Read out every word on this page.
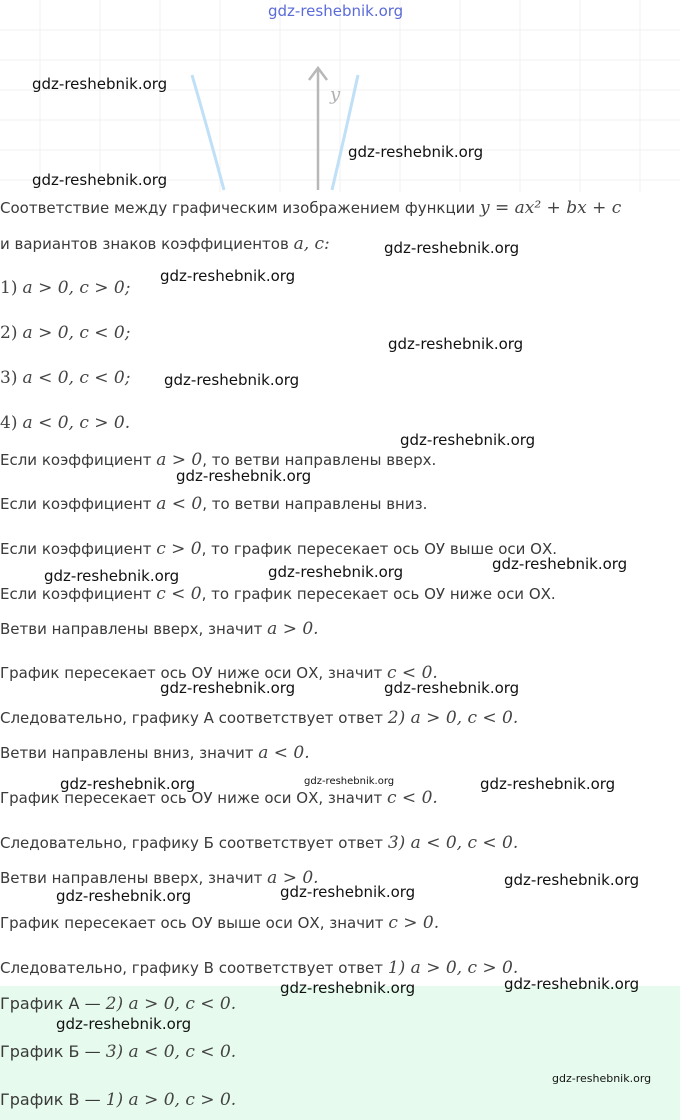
y
gdz-reshebnik.org
Соответствие между графическим изображением функции y = ax² + bx + c
и вариантов знаков коэффициентов a, c:
1) a > 0, c > 0;
2) a > 0, c < 0;
3) a < 0, c < 0;
4) a < 0, c > 0.
Если коэффициент a > 0, то ветви направлены вверх.
Если коэффициент a < 0, то ветви направлены вниз.
Если коэффициент c > 0, то график пересекает ось ОУ выше оси ОХ.
Если коэффициент c < 0, то график пересекает ось ОУ ниже оси ОХ.
Ветви направлены вверх, значит a > 0.
График пересекает ось ОУ ниже оси ОХ, значит c < 0.
Следовательно, графику А соответствует ответ 2) a > 0, c < 0.
Ветви направлены вниз, значит a < 0.
График пересекает ось ОУ ниже оси ОХ, значит c < 0.
Следовательно, графику Б соответствует ответ 3) a < 0, c < 0.
Ветви направлены вверх, значит a > 0.
График пересекает ось ОУ выше оси ОХ, значит c > 0.
Следовательно, графику В соответствует ответ 1) a > 0, c > 0.
График А — 2) a > 0, c < 0.
График Б — 3) a < 0, c < 0.
График В — 1) a > 0, c > 0.
gdz-reshebnik.org
gdz-reshebnik.org
gdz-reshebnik.org
gdz-reshebnik.org
gdz-reshebnik.org
gdz-reshebnik.org
gdz-reshebnik.org
gdz-reshebnik.org
gdz-reshebnik.org
gdz-reshebnik.org
gdz-reshebnik.org
gdz-reshebnik.org
gdz-reshebnik.org	gdz-reshebnik.org
gdz-reshebnik.org	gdz-reshebnik.org	gdz-reshebnik.org
gdz-reshebnik.org
gdz-reshebnik.org
gdz-reshebnik.org
gdz-reshebnik.org
gdz-reshebnik.org
gdz-reshebnik.org
gdz-reshebnik.org
